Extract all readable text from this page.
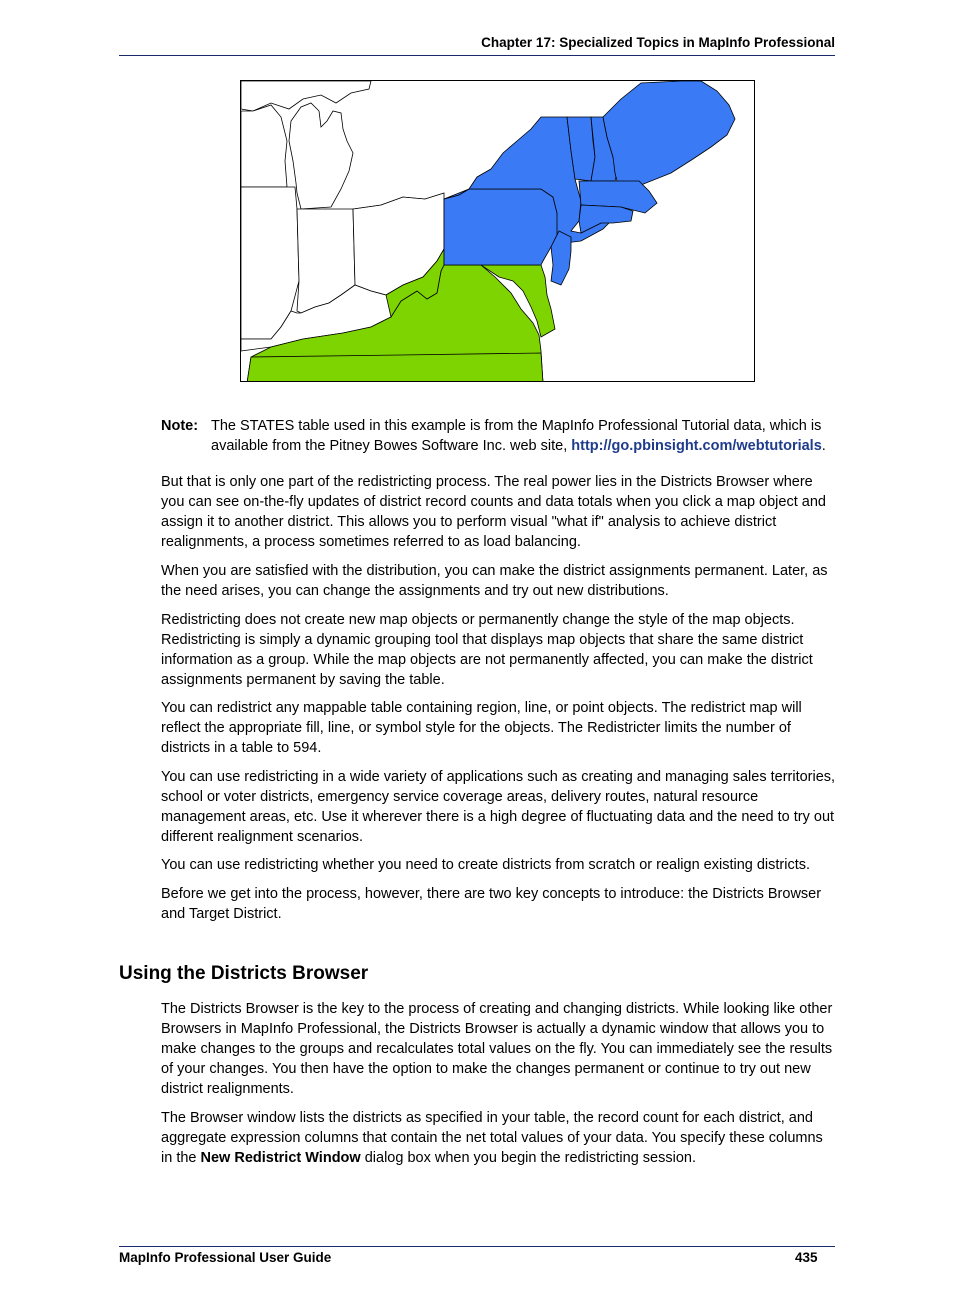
Chapter 17: Specialized Topics in MapInfo Professional
Note: The STATES table used in this example is from the MapInfo Professional Tutorial data, which is available from the Pitney Bowes Software Inc. web site, http://go.pbinsight.com/webtutorials.
But that is only one part of the redistricting process. The real power lies in the Districts Browser where you can see on-the-fly updates of district record counts and data totals when you click a map object and assign it to another district. This allows you to perform visual "what if" analysis to achieve district realignments, a process sometimes referred to as load balancing.
When you are satisfied with the distribution, you can make the district assignments permanent. Later, as the need arises, you can change the assignments and try out new distributions.
Redistricting does not create new map objects or permanently change the style of the map objects. Redistricting is simply a dynamic grouping tool that displays map objects that share the same district information as a group. While the map objects are not permanently affected, you can make the district assignments permanent by saving the table.
You can redistrict any mappable table containing region, line, or point objects. The redistrict map will reflect the appropriate fill, line, or symbol style for the objects. The Redistricter limits the number of districts in a table to 594.
You can use redistricting in a wide variety of applications such as creating and managing sales territories, school or voter districts, emergency service coverage areas, delivery routes, natural resource management areas, etc. Use it wherever there is a high degree of fluctuating data and the need to try out different realignment scenarios.
You can use redistricting whether you need to create districts from scratch or realign existing districts.
Before we get into the process, however, there are two key concepts to introduce: the Districts Browser and Target District.
Using the Districts Browser
The Districts Browser is the key to the process of creating and changing districts. While looking like other Browsers in MapInfo Professional, the Districts Browser is actually a dynamic window that allows you to make changes to the groups and recalculates total values on the fly. You can immediately see the results of your changes. You then have the option to make the changes permanent or continue to try out new district realignments.
The Browser window lists the districts as specified in your table, the record count for each district, and aggregate expression columns that contain the net total values of your data. You specify these columns in the New Redistrict Window dialog box when you begin the redistricting session.
MapInfo Professional User Guide	435
